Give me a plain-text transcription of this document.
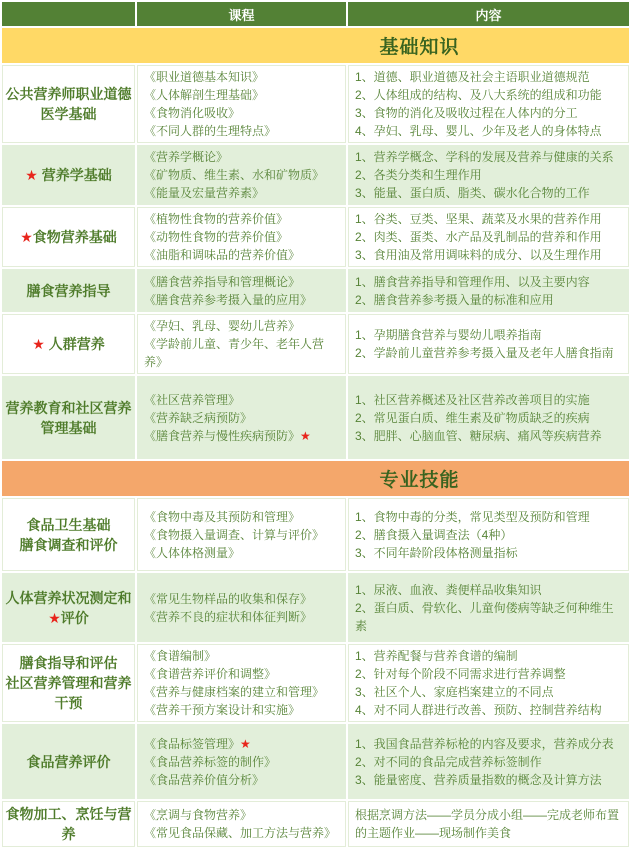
	课程	内容
基础知识		
公共营养师职业道德
医学基础	《职业道德基本知识》
《人体解剖生理基础》
《食物消化吸收》
《不同人群的生理特点》	1、道德、职业道德及社会主语职业道德规范
2、人体组成的结构、及八大系统的组成和功能
3、食物的消化及吸收过程在人体内的分工
4、孕妇、乳母、婴儿、少年及老人的身体特点
★ 营养学基础	《营养学概论》
《矿物质、维生素、水和矿物质》
《能量及宏量营养素》	1、营养学概念、学科的发展及营养与健康的关系
2、各类分类和生理作用
3、能量、蛋白质、脂类、碳水化合物的工作
★食物营养基础	《植物性食物的营养价值》
《动物性食物的营养价值》
《油脂和调味品的营养价值》	1、谷类、豆类、坚果、蔬菜及水果的营养作用
2、肉类、蛋类、水产品及乳制品的营养和作用
3、食用油及常用调味料的成分、以及生理作用
膳食营养指导	《膳食营养指导和管理概论》
《膳食营养参考摄入量的应用》	1、膳食营养指导和管理作用、以及主要内容
2、膳食营养参考摄入量的标准和应用
★ 人群营养	《孕妇、乳母、婴幼儿营养》
《学龄前儿童、青少年、老年人营养》	1、孕期膳食营养与婴幼儿喂养指南
2、学龄前儿童营养参考摄入量及老年人膳食指南
营养教育和社区营养
管理基础	《社区营养管理》
《营养缺乏病预防》
《膳食营养与慢性疾病预防》★	1、社区营养概述及社区营养改善项目的实施
2、常见蛋白质、维生素及矿物质缺乏的疾病
3、肥胖、心脑血管、糖尿病、痛风等疾病营养
专业技能		
食品卫生基础
膳食调查和评价	《食物中毒及其预防和管理》
《食物摄入量调查、计算与评价》
《人体体格测量》	1、食物中毒的分类，常见类型及预防和管理
2、膳食摄入量调查法（4种）
3、不同年龄阶段体格测量指标
人体营养状况测定和
★评价	《常见生物样品的收集和保存》
《营养不良的症状和体征判断》	1、尿液、血液、粪便样品收集知识
2、蛋白质、骨软化、儿童佝偻病等缺乏何种维生素
膳食指导和评估
社区营养管理和营养
干预	《食谱编制》
《食谱营养评价和调整》
《营养与健康档案的建立和管理》
《营养干预方案设计和实施》	1、营养配餐与营养食谱的编制
2、针对每个阶段不同需求进行营养调整
3、社区个人、家庭档案建立的不同点
4、对不同人群进行改善、预防、控制营养结构
食品营养评价	《食品标签管理》★
《食品营养标签的制作》
《食品营养价值分析》	1、我国食品营养标枪的内容及要求，营养成分表
2、对不同的食品完成营养标签制作
3、能量密度、营养质量指数的概念及计算方法
食物加工、烹饪与营
养	《烹调与食物营养》
《常见食品保藏、加工方法与营养》	根据烹调方法——学员分成小组——完成老师布置的主题作业——现场制作美食
